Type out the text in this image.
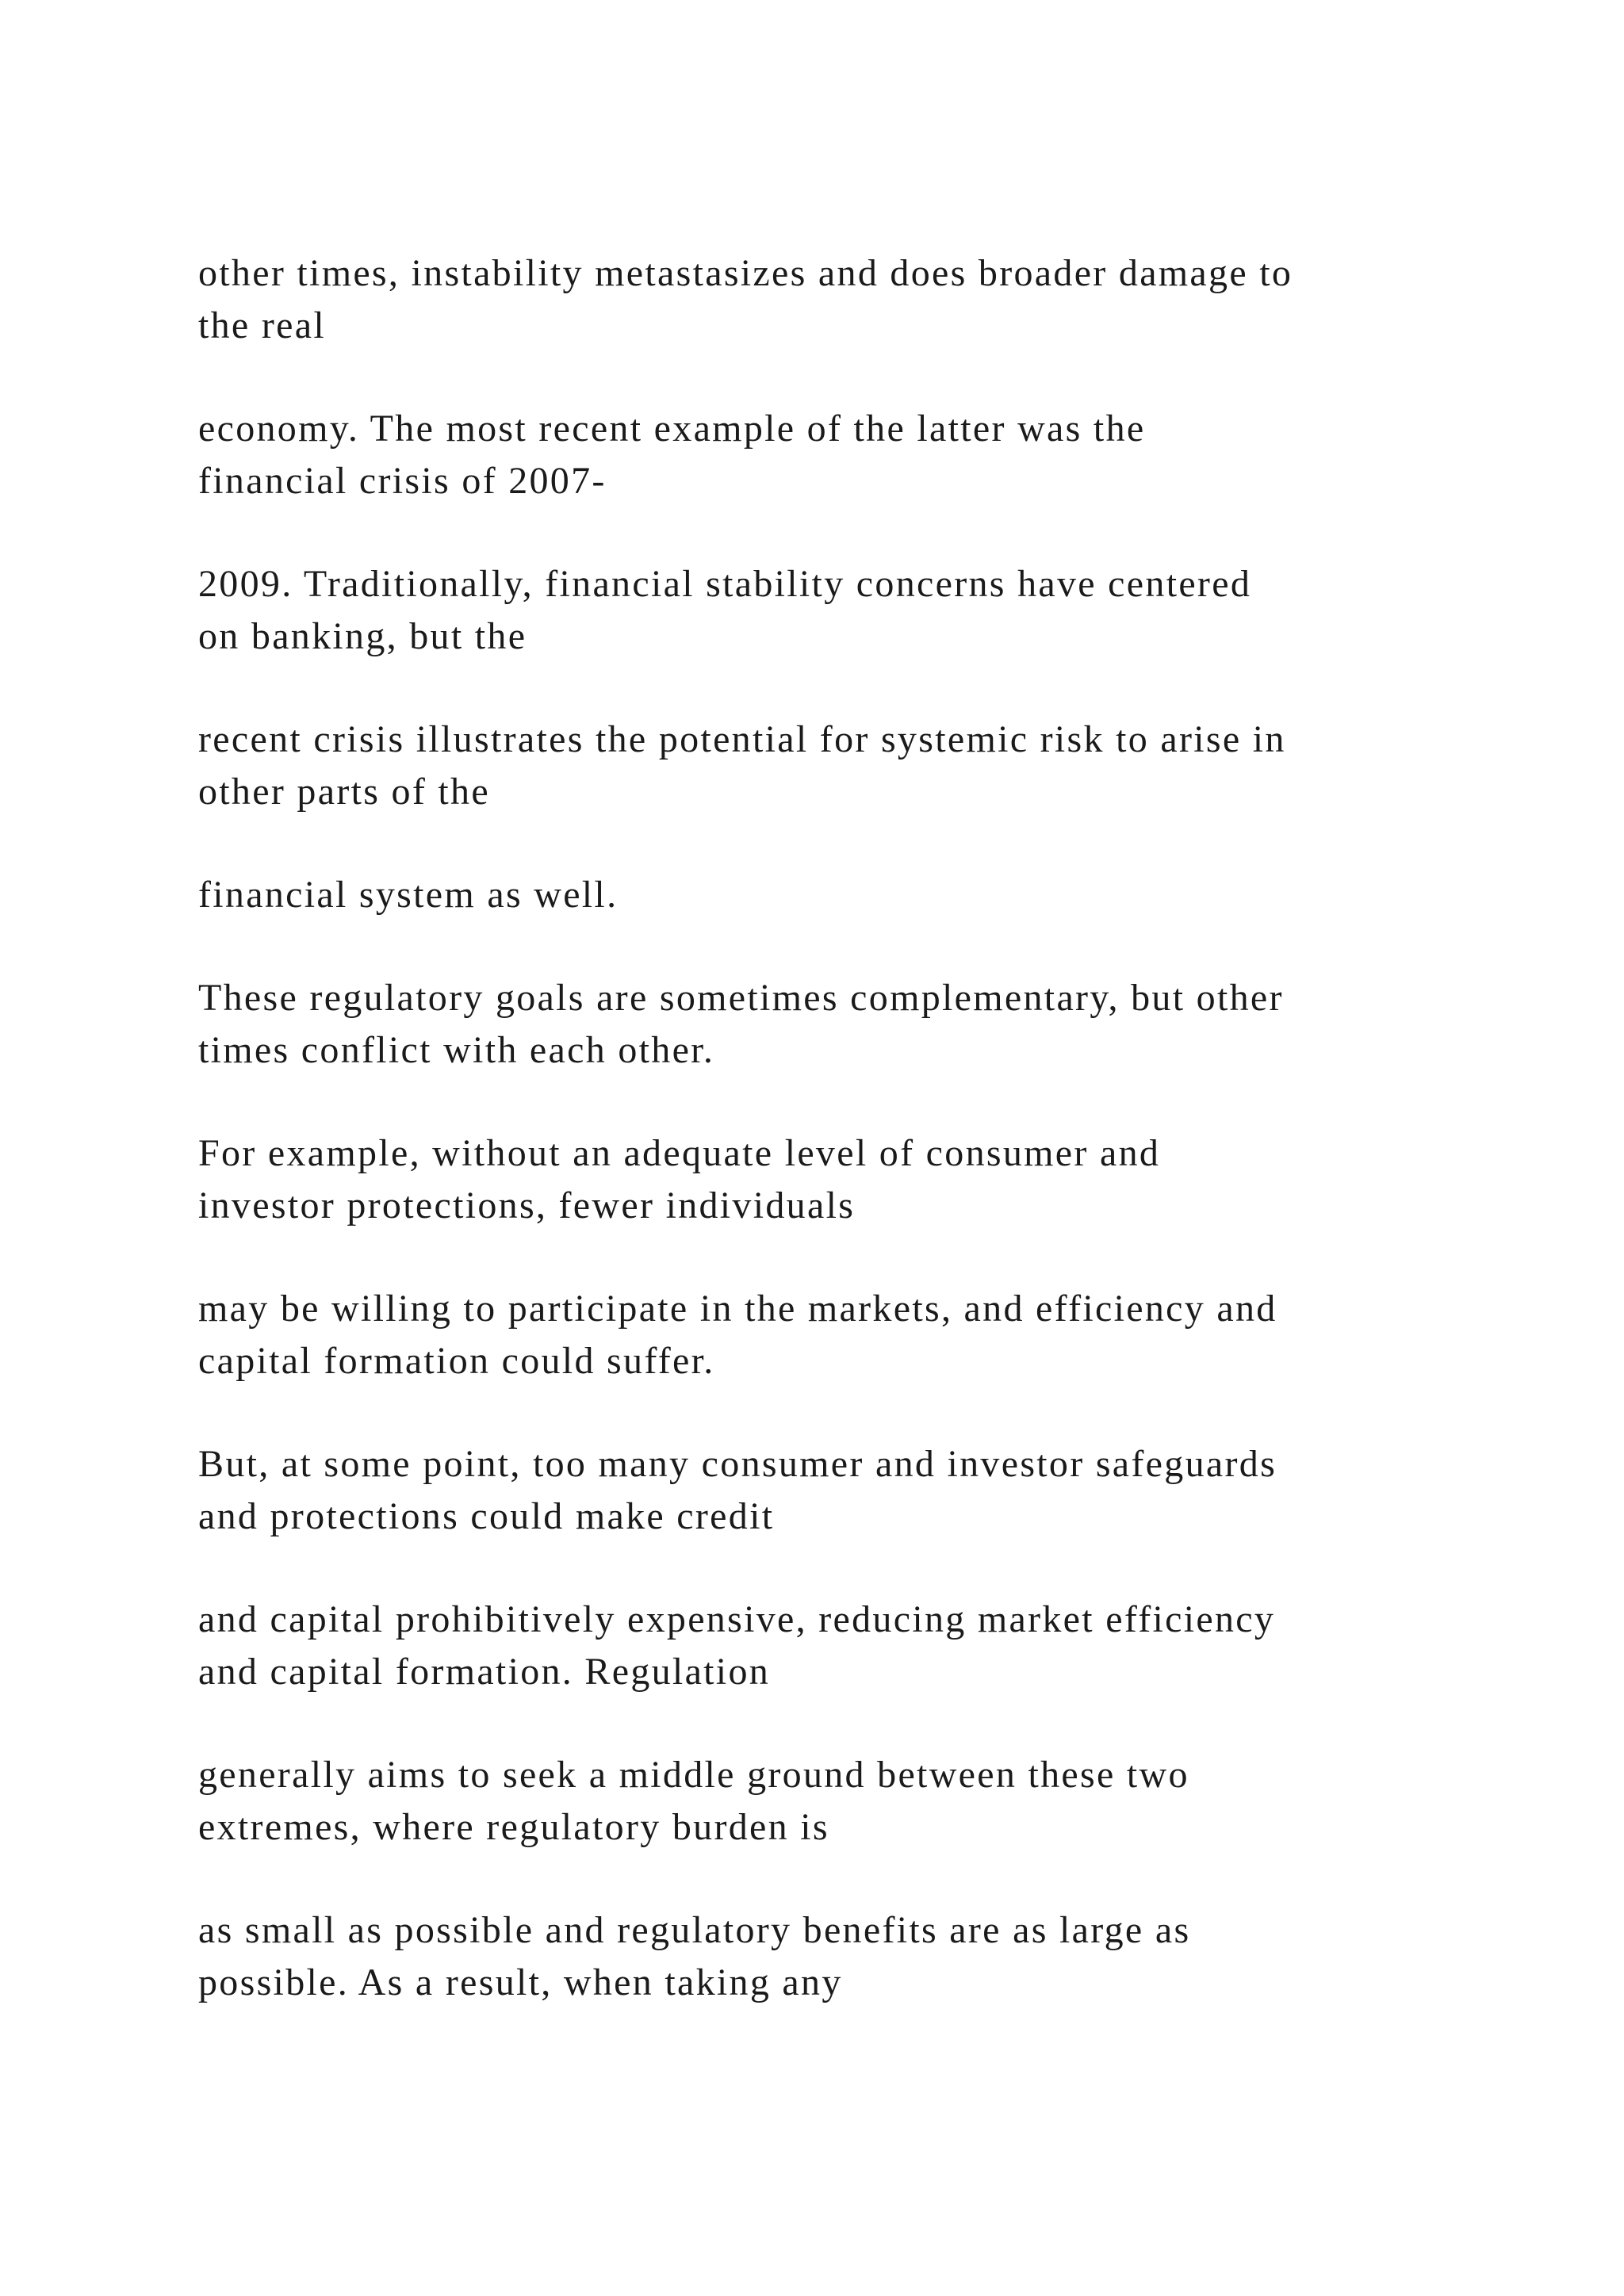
other times, instability metastasizes and does broader damage to
the real

economy. The most recent example of the latter was the
financial crisis of 2007-

2009. Traditionally, financial stability concerns have centered
on banking, but the

recent crisis illustrates the potential for systemic risk to arise in
other parts of the

financial system as well.

These regulatory goals are sometimes complementary, but other
times conflict with each other.

For example, without an adequate level of consumer and
investor protections, fewer individuals

may be willing to participate in the markets, and efficiency and
capital formation could suffer.

But, at some point, too many consumer and investor safeguards
and protections could make credit

and capital prohibitively expensive, reducing market efficiency
and capital formation. Regulation

generally aims to seek a middle ground between these two
extremes, where regulatory burden is

as small as possible and regulatory benefits are as large as
possible. As a result, when taking any
